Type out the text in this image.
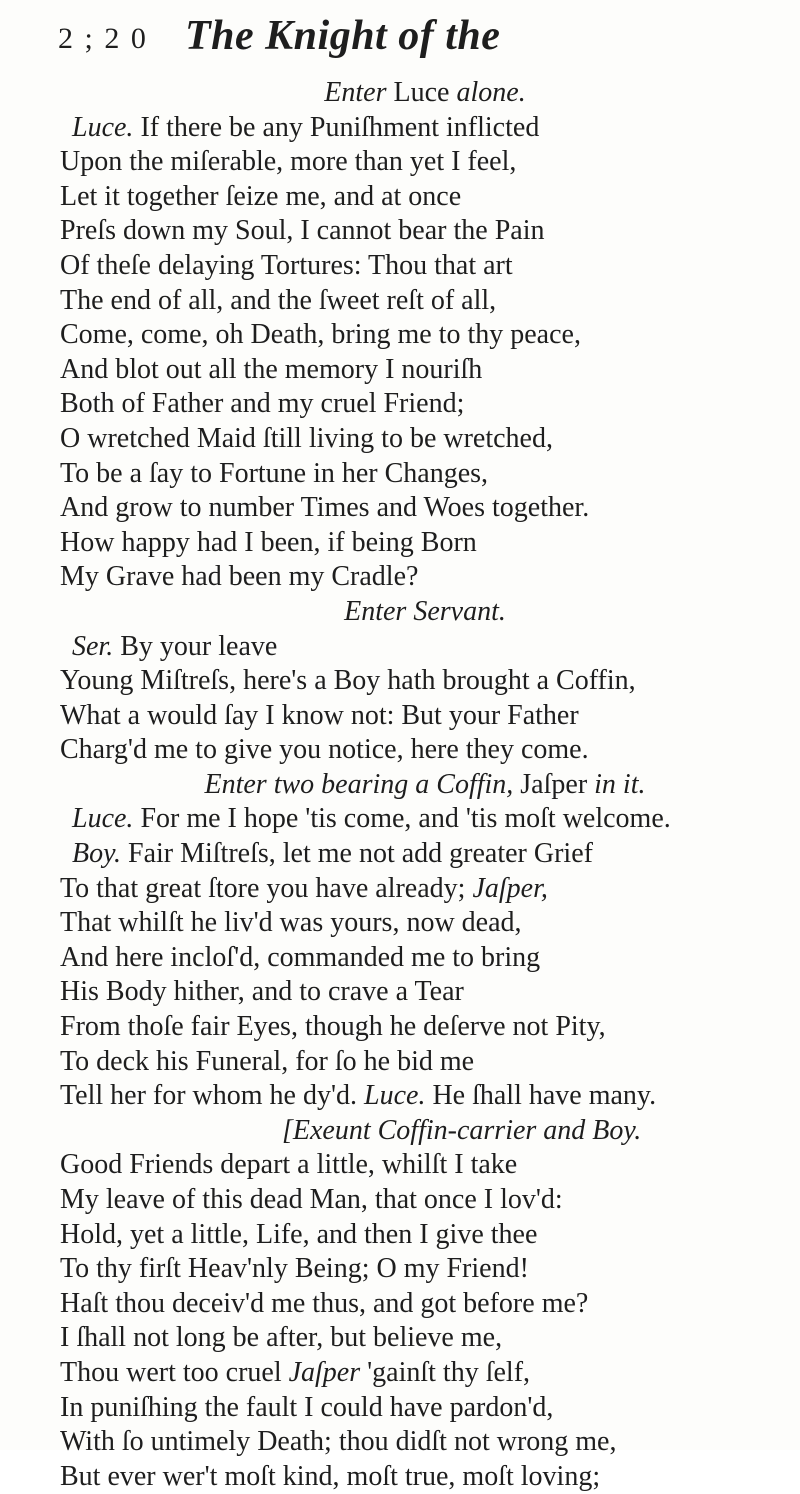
2 ; 2 0 The Knight of the
Enter Luce alone.
Luce. If there be any Puniſhment inflicted
Upon the miſerable, more than yet I feel,
Let it together ſeize me, and at once
Preſs down my Soul, I cannot bear the Pain
Of theſe delaying Tortures: Thou that art
The end of all, and the ſweet reſt of all,
Come, come, oh Death, bring me to thy peace,
And blot out all the memory I nouriſh
Both of Father and my cruel Friend;
O wretched Maid ſtill living to be wretched,
To be a ſay to Fortune in her Changes,
And grow to number Times and Woes together.
How happy had I been, if being Born
My Grave had been my Cradle?
Enter Servant.
Ser. By your leave
Young Miſtreſs, here's a Boy hath brought a Coffin,
What a would ſay I know not: But your Father
Charg'd me to give you notice, here they come.
Enter two bearing a Coffin, Jaſper in it.
Luce. For me I hope 'tis come, and 'tis moſt welcome.
Boy. Fair Miſtreſs, let me not add greater Grief
To that great ſtore you have already; Jaſper,
That whilſt he liv'd was yours, now dead,
And here incloſ'd, commanded me to bring
His Body hither, and to crave a Tear
From thoſe fair Eyes, though he deſerve not Pity,
To deck his Funeral, for ſo he bid me
Tell her for whom he dy'd. Luce. He ſhall have many.
[Exeunt Coffin-carrier and Boy.
Good Friends depart a little, whilſt I take
My leave of this dead Man, that once I lov'd:
Hold, yet a little, Life, and then I give thee
To thy firſt Heav'nly Being; O my Friend!
Haſt thou deceiv'd me thus, and got before me?
I ſhall not long be after, but believe me,
Thou wert too cruel Jaſper 'gainſt thy ſelf,
In puniſhing the fault I could have pardon'd,
With ſo untimely Death; thou didſt not wrong me,
But ever wer't moſt kind, moſt true, moſt loving;
